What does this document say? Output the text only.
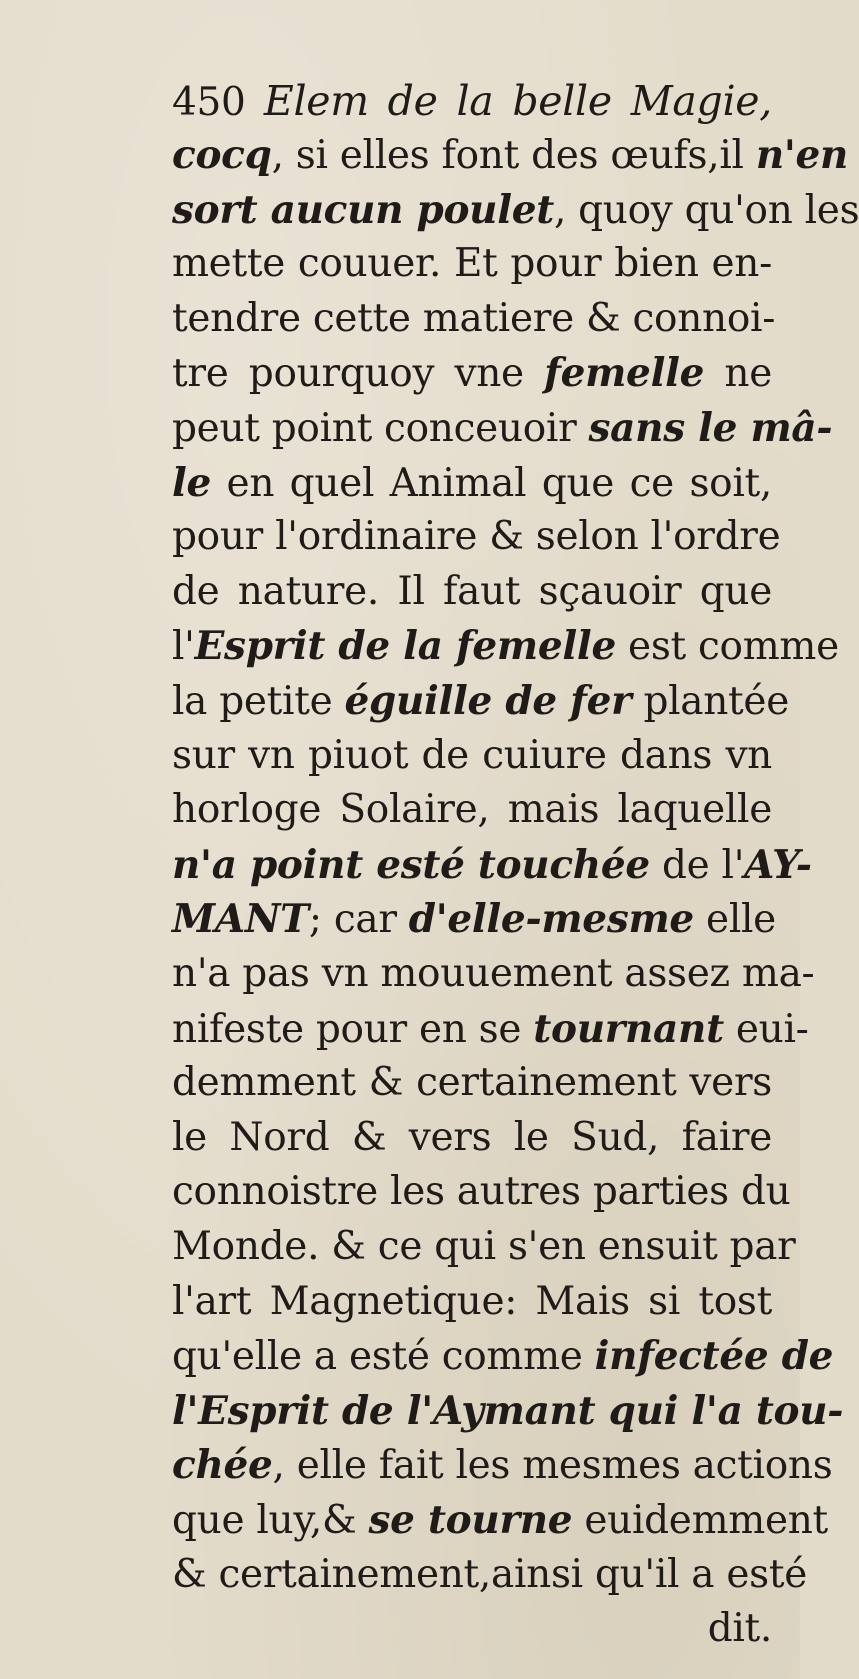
450 Elem de la belle Magie,
cocq, si elles font des œufs,il n'en
sort aucun poulet, quoy qu'on les
mette couuer. Et pour bien en-
tendre cette matiere & connoi-
tre pourquoy vne femelle ne
peut point conceuoir sans le mâ-
le en quel Animal que ce soit,
pour l'ordinaire & selon l'ordre
de nature. Il faut sçauoir que
l'Esprit de la femelle est comme
la petite éguille de fer plantée
sur vn piuot de cuiure dans vn
horloge Solaire, mais laquelle
n'a point esté touchée de l'AY-
MANT; car d'elle-mesme elle
n'a pas vn mouuement assez ma-
nifeste pour en se tournant eui-
demment & certainement vers
le Nord & vers le Sud, faire
connoistre les autres parties du
Monde. & ce qui s'en ensuit par
l'art Magnetique: Mais si tost
qu'elle a esté comme infectée de
l'Esprit de l'Aymant qui l'a tou-
chée, elle fait les mesmes actions
que luy,& se tourne euidemment
& certainement,ainsi qu'il a esté
dit.
